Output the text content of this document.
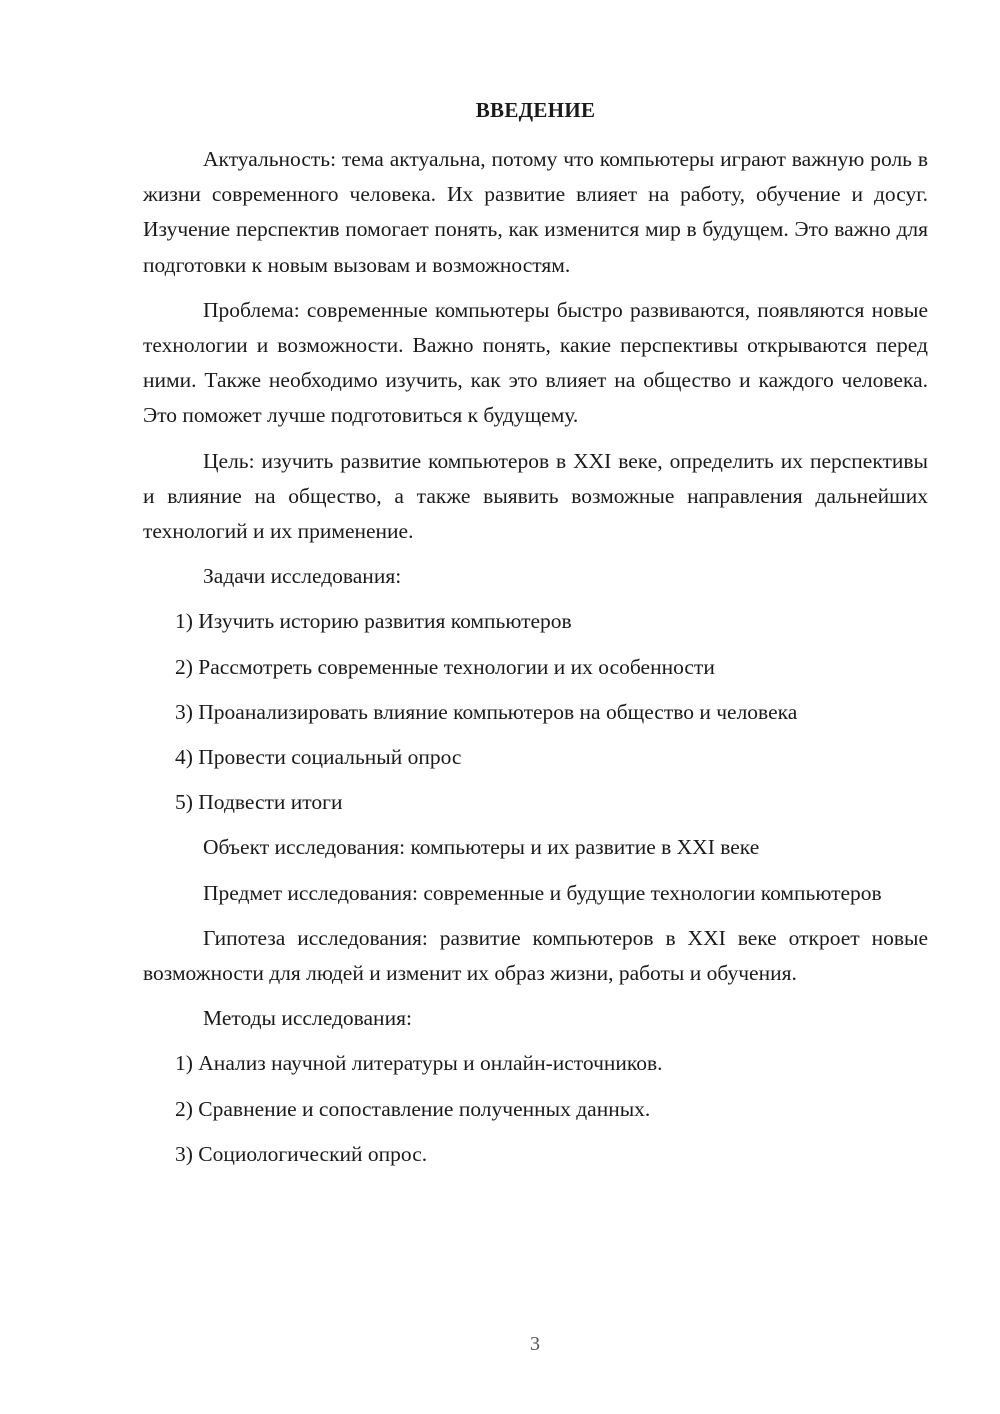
ВВЕДЕНИЕ

Актуальность: тема актуальна, потому что компьютеры играют важную роль в жизни современного человека. Их развитие влияет на работу, обучение и досуг. Изучение перспектив помогает понять, как изменится мир в будущем. Это важно для подготовки к новым вызовам и возможностям.

Проблема: современные компьютеры быстро развиваются, появляются новые технологии и возможности. Важно понять, какие перспективы открываются перед ними. Также необходимо изучить, как это влияет на общество и каждого человека. Это поможет лучше подготовиться к будущему.

Цель: изучить развитие компьютеров в XXI веке, определить их перспективы и влияние на общество, а также выявить возможные направления дальнейших технологий и их применение.

Задачи исследования:

1) Изучить историю развития компьютеров

2) Рассмотреть современные технологии и их особенности

3) Проанализировать влияние компьютеров на общество и человека

4) Провести социальный опрос

5) Подвести итоги

Объект исследования: компьютеры и их развитие в XXI веке

Предмет исследования: современные и будущие технологии компьютеров

Гипотеза исследования: развитие компьютеров в XXI веке откроет новые возможности для людей и изменит их образ жизни, работы и обучения.

Методы исследования:

1) Анализ научной литературы и онлайн-источников.

2) Сравнение и сопоставление полученных данных.

3) Социологический опрос.

3
